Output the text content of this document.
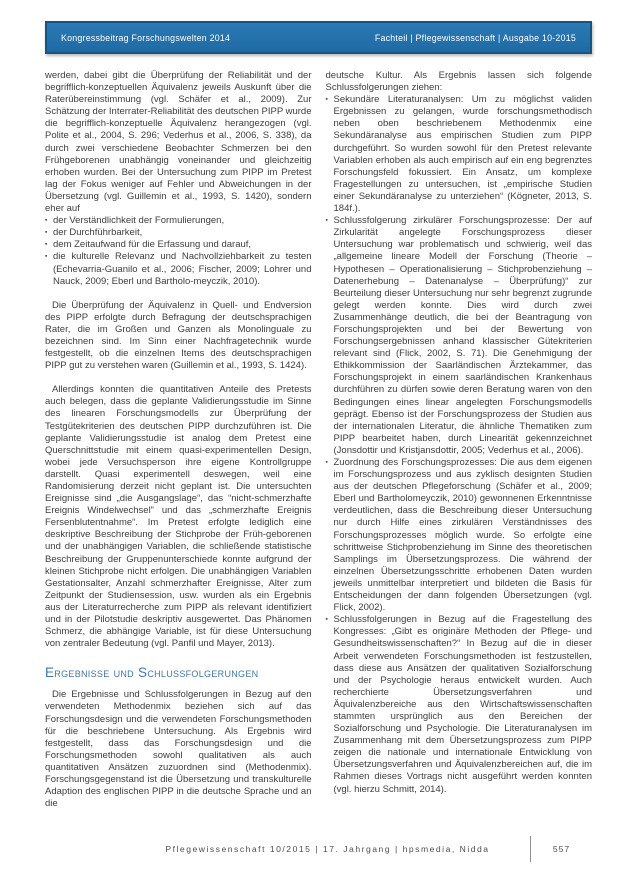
Kongressbeitrag Forschungswelten 2014	Fachteil | Pflegewissenschaft | Ausgabe 10-2015

werden, dabei gibt die Überprüfung der Reliabilität und der begrifflich-konzeptuellen Äquivalenz jeweils Auskunft über die Raterübereinstimmung (vgl. Schäfer et al., 2009). Zur Schätzung der Interrater-Reliabilität des deutschen PIPP wurde die begrifflich-konzeptuelle Äquivalenz herangezogen (vgl. Polite et al., 2004, S. 296; Vederhus et al., 2006, S. 338), da durch zwei verschiedene Beobachter Schmerzen bei den Frühgeborenen unabhängig voneinander und gleichzeitig erhoben wurden. Bei der Untersuchung zum PIPP im Pretest lag der Fokus weniger auf Fehler und Abweichungen in der Übersetzung (vgl. Guillemin et al., 1993, S. 1420), sondern eher auf

▪ der Verständlichkeit der Formulierungen,
▪ der Durchführbarkeit,
▪ dem Zeitaufwand für die Erfassung und darauf,
▪ die kulturelle Relevanz und Nachvollziehbarkeit zu testen (Echevarria-Guanilo et al., 2006; Fischer, 2009; Lohrer und Nauck, 2009; Eberl und Bartholo-meyczik, 2010).

Die Überprüfung der Äquivalenz in Quell- und Endversion des PIPP erfolgte durch Befragung der deutschsprachigen Rater, die im Großen und Ganzen als Monolinguale zu bezeichnen sind. Im Sinn einer Nachfragetechnik wurde festgestellt, ob die einzelnen Items des deutschsprachigen PIPP gut zu verstehen waren (Guillemin et al., 1993, S. 1424).

Allerdings konnten die quantitativen Anteile des Pretests auch belegen, dass die geplante Validierungsstudie im Sinne des linearen Forschungsmodells zur Überprüfung der Testgütekriterien des deutschen PIPP durchzuführen ist. Die geplante Validierungsstudie ist analog dem Pretest eine Querschnittstudie mit einem quasi-experimentellen Design, wobei jede Versuchsperson ihre eigene Kontrollgruppe darstellt. Quasi experimentell deswegen, weil eine Randomisierung derzeit nicht geplant ist. Die untersuchten Ereignisse sind „die Ausgangslage“, das “nicht-schmerzhafte Ereignis Windelwechsel” und das „schmerzhafte Ereignis Fersenblutentnahme“. Im Pretest erfolgte lediglich eine deskriptive Beschreibung der Stichprobe der Früh-geborenen und der unabhängigen Variablen, die schließende statistische Beschreibung der Gruppenunterschiede konnte aufgrund der kleinen Stichprobe nicht erfolgen. Die unabhängigen Variablen Gestationsalter, Anzahl schmerzhafter Ereignisse, Alter zum Zeitpunkt der Studiensession, usw. wurden als ein Ergebnis aus der Literaturrecherche zum PIPP als relevant identifiziert und in der Pilotstudie deskriptiv ausgewertet. Das Phänomen Schmerz, die abhängige Variable, ist für diese Untersuchung von zentraler Bedeutung (vgl. Panfil und Mayer, 2013).

Ergebnisse und Schlussfolgerungen

Die Ergebnisse und Schlussfolgerungen in Bezug auf den verwendeten Methodenmix beziehen sich auf das Forschungsdesign und die verwendeten Forschungsmethoden für die beschriebene Untersuchung. Als Ergebnis wird festgestellt, dass das Forschungsdesign und die Forschungsmethoden sowohl qualitativen als auch quantitativen Ansätzen zuzuordnen sind (Methodenmix). Forschungsgegenstand ist die Übersetzung und transkulturelle Adaption des englischen PIPP in die deutsche Sprache und an die

deutsche Kultur. Als Ergebnis lassen sich folgende Schlussfolgerungen ziehen:

▪ Sekundäre Literaturanalysen: Um zu möglichst validen Ergebnissen zu gelangen, wurde forschungsmethodisch neben oben beschriebenem Methodenmix eine Sekundäranalyse aus empirischen Studien zum PIPP durchgeführt. So wurden sowohl für den Pretest relevante Variablen erhoben als auch empirisch auf ein eng begrenztes Forschungsfeld fokussiert. Ein Ansatz, um komplexe Fragestellungen zu untersuchen, ist „empirische Studien einer Sekundäranalyse zu unterziehen“ (Kögneter, 2013, S. 184f.).
▪ Schlussfolgerung zirkulärer Forschungsprozesse: Der auf Zirkularität angelegte Forschungsprozess dieser Untersuchung war problematisch und schwierig, weil das „allgemeine lineare Modell der Forschung (Theorie – Hypothesen – Operationalisierung – Stichprobenziehung – Datenerhebung – Datenanalyse – Überprüfung)“ zur Beurteilung dieser Untersuchung nur sehr begrenzt zugrunde gelegt werden konnte. Dies wird durch zwei Zusammenhänge deutlich, die bei der Beantragung von Forschungsprojekten und bei der Bewertung von Forschungsergebnissen anhand klassischer Gütekriterien relevant sind (Flick, 2002, S. 71). Die Genehmigung der Ethikkommission der Saarländischen Ärztekammer, das Forschungsprojekt in einem saarländischen Krankenhaus durchführen zu dürfen sowie deren Beratung waren von den Bedingungen eines linear angelegten Forschungsmodells geprägt. Ebenso ist der Forschungsprozess der Studien aus der internationalen Literatur, die ähnliche Thematiken zum PIPP bearbeitet haben, durch Linearität gekennzeichnet (Jonsdottir und Kristjansdottir, 2005; Vederhus et al., 2006).
▪ Zuordnung des Forschungsprozesses: Die aus dem eigenen im Forschungsprozess und aus zyklisch designten Studien aus der deutschen Pflegeforschung (Schäfer et al., 2009; Eberl und Bartholomeyczik, 2010) gewonnenen Erkenntnisse verdeutlichen, dass die Beschreibung dieser Untersuchung nur durch Hilfe eines zirkulären Verständnisses des Forschungsprozesses möglich wurde. So erfolgte eine schrittweise Stichprobenziehung im Sinne des theoretischen Samplings im Übersetzungsprozess. Die während der einzelnen Übersetzungsschritte erhobenen Daten wurden jeweils unmittelbar interpretiert und bildeten die Basis für Entscheidungen der dann folgenden Übersetzungen (vgl. Flick, 2002).
▪ Schlussfolgerungen in Bezug auf die Fragestellung des Kongresses: „Gibt es originäre Methoden der Pflege- und Gesundheitswissenschaften?“ In Bezug auf die in dieser Arbeit verwendeten Forschungsmethoden ist festzustellen, dass diese aus Ansätzen der qualitativen Sozialforschung und der Psychologie heraus entwickelt wurden. Auch recherchierte Übersetzungsverfahren und Äquivalenzbereiche aus den Wirtschaftswissenschaften stammten ursprünglich aus den Bereichen der Sozialforschung und Psychologie. Die Literaturanalysen im Zusammenhang mit dem Übersetzungsprozess zum PIPP zeigen die nationale und internationale Entwicklung von Übersetzungsverfahren und Äquivalenzbereichen auf, die im Rahmen dieses Vortrags nicht ausgeführt werden konnten (vgl. hierzu Schmitt, 2014).
Pflegewissenschaft 10/2015 | 17. Jahrgang | hpsmedia, Nidda	557
